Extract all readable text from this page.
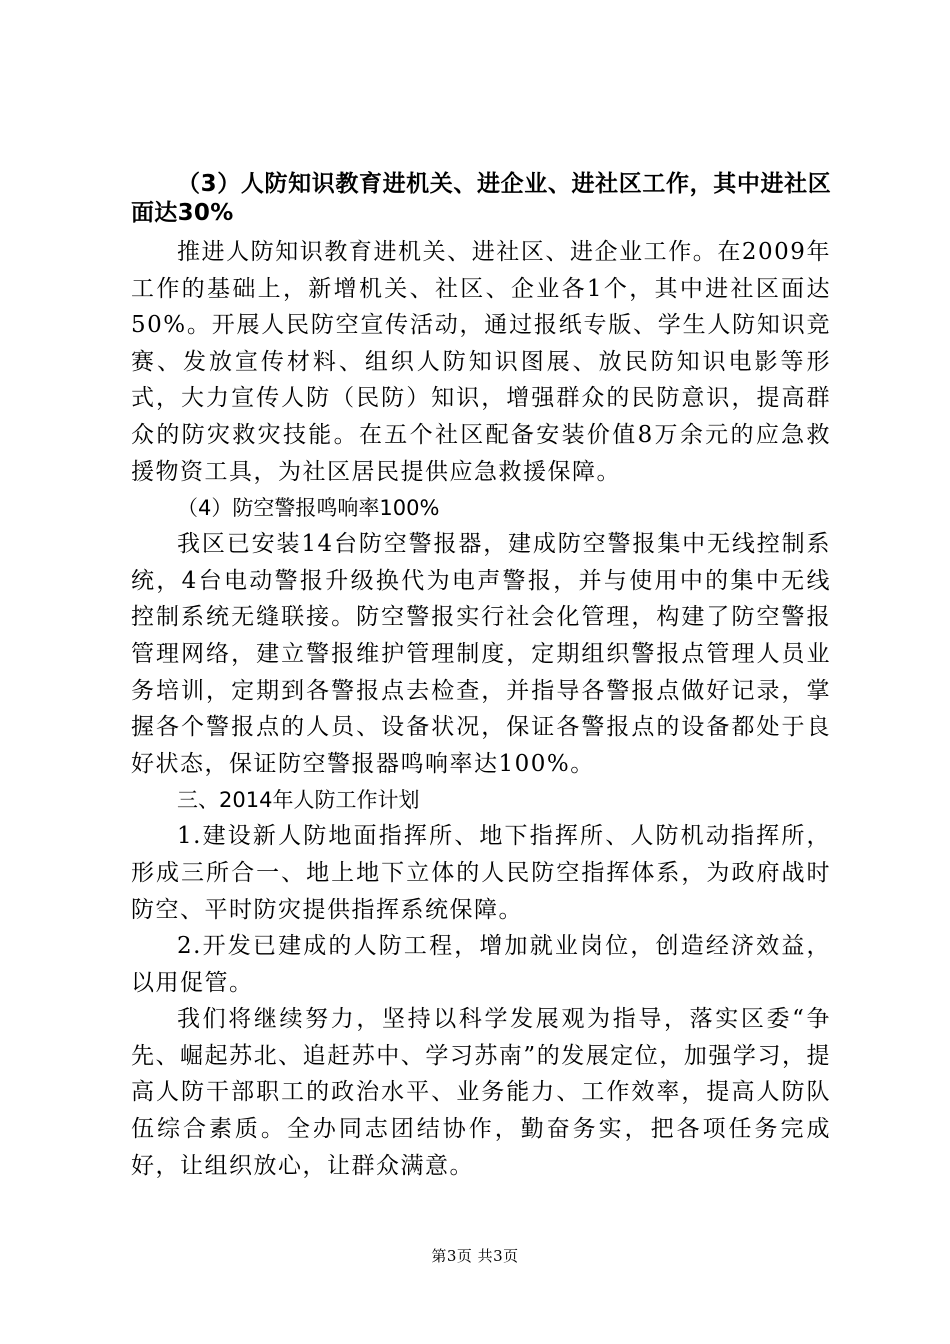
（3）人防知识教育进机关、进企业、进社区工作，其中进社区面达30%

推进人防知识教育进机关、进社区、进企业工作。在2009年工作的基础上，新增机关、社区、企业各1个，其中进社区面达50%。开展人民防空宣传活动，通过报纸专版、学生人防知识竞赛、发放宣传材料、组织人防知识图展、放民防知识电影等形式，大力宣传人防（民防）知识，增强群众的民防意识，提高群众的防灾救灾技能。在五个社区配备安装价值8万余元的应急救援物资工具，为社区居民提供应急救援保障。

（4）防空警报鸣响率100%

我区已安装14台防空警报器，建成防空警报集中无线控制系统，4台电动警报升级换代为电声警报，并与使用中的集中无线控制系统无缝联接。防空警报实行社会化管理，构建了防空警报管理网络，建立警报维护管理制度，定期组织警报点管理人员业务培训，定期到各警报点去检查，并指导各警报点做好记录，掌握各个警报点的人员、设备状况，保证各警报点的设备都处于良好状态，保证防空警报器鸣响率达100%。

三、2014年人防工作计划

1.建设新人防地面指挥所、地下指挥所、人防机动指挥所，形成三所合一、地上地下立体的人民防空指挥体系，为政府战时防空、平时防灾提供指挥系统保障。

2.开发已建成的人防工程，增加就业岗位，创造经济效益，以用促管。

我们将继续努力，坚持以科学发展观为指导，落实区委“争先、崛起苏北、追赶苏中、学习苏南”的发展定位，加强学习，提高人防干部职工的政治水平、业务能力、工作效率，提高人防队伍综合素质。全办同志团结协作，勤奋务实，把各项任务完成好，让组织放心，让群众满意。

第3页 共3页
